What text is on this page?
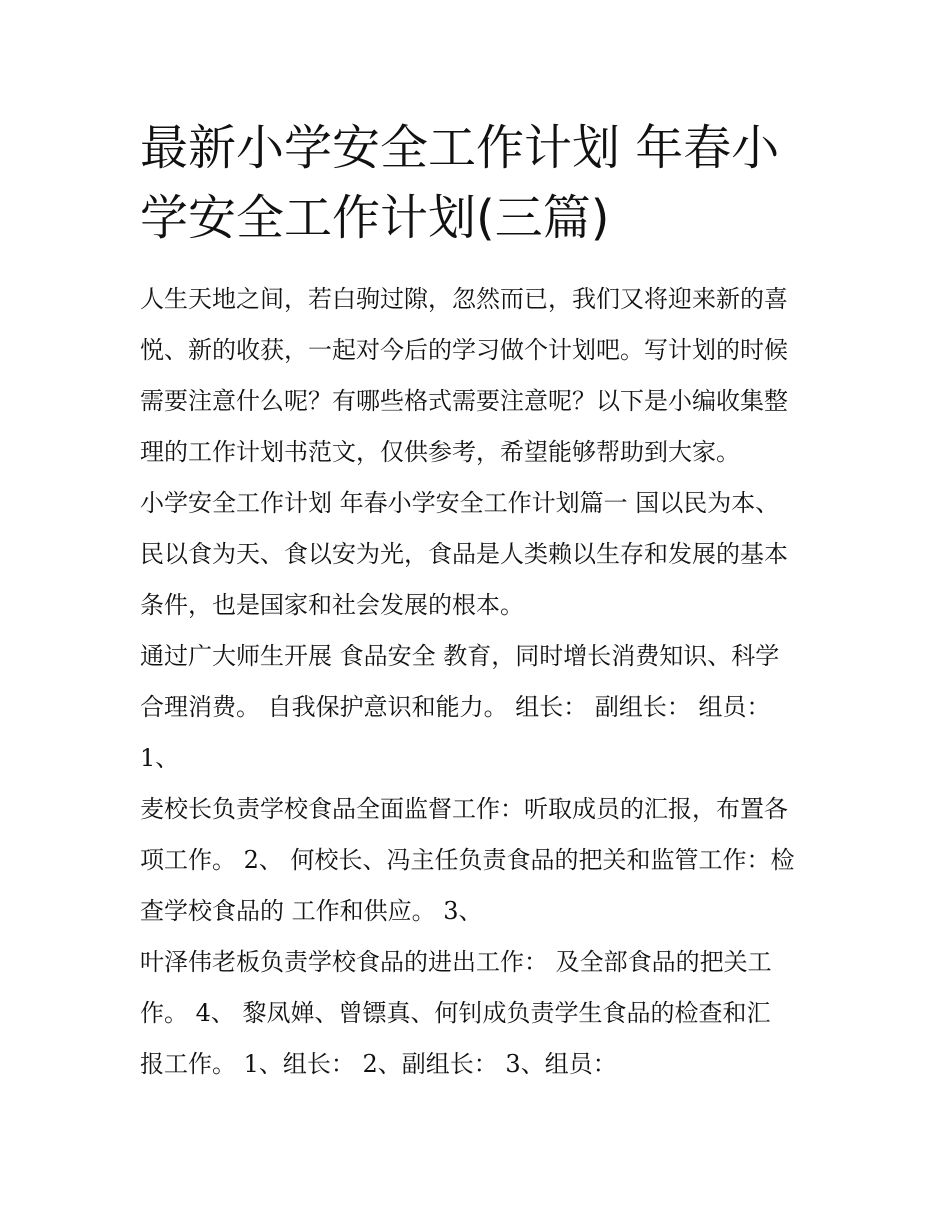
最新小学安全工作计划 年春小
学安全工作计划(三篇)
人生天地之间，若白驹过隙，忽然而已，我们又将迎来新的喜
悦、新的收获，一起对今后的学习做个计划吧。写计划的时候
需要注意什么呢？有哪些格式需要注意呢？以下是小编收集整
理的工作计划书范文，仅供参考，希望能够帮助到大家。
小学安全工作计划 年春小学安全工作计划篇一 国以民为本、
民以食为天、食以安为光，食品是人类赖以生存和发展的基本
条件，也是国家和社会发展的根本。
通过广大师生开展 食品安全 教育，同时增长消费知识、科学
合理消费。 自我保护意识和能力。 组长： 副组长： 组员：
1、
麦校长负责学校食品全面监督工作：听取成员的汇报，布置各
项工作。 2、 何校长、冯主任负责食品的把关和监管工作：检
查学校食品的 工作和供应。 3、
叶泽伟老板负责学校食品的进出工作： 及全部食品的把关工
作。 4、 黎凤婵、曾镖真、何钊成负责学生食品的检查和汇
报工作。 1、组长： 2、副组长： 3、组员：
